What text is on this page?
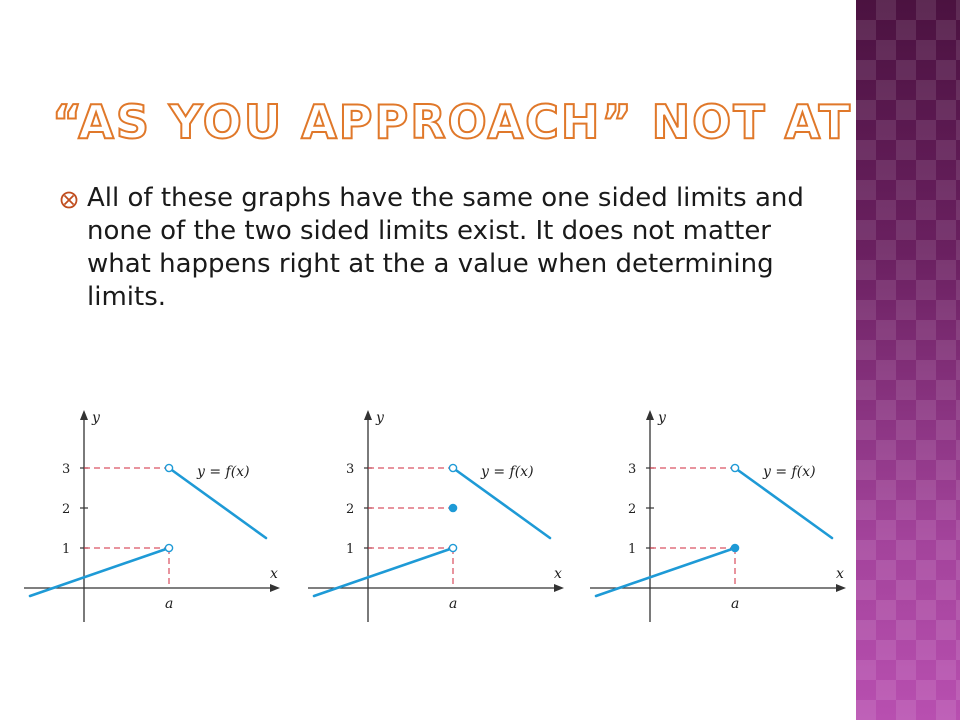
“AS YOU APPROACH” NOT AT
All of these graphs have the same one sided limits and none of the two sided limits exist. It does not matter what happens right at the a value when determining limits.
x
y
1
2
3
a
y = f(x)
x
y
1
2
3
a
y = f(x)
x
y
1
2
3
a
y = f(x)
